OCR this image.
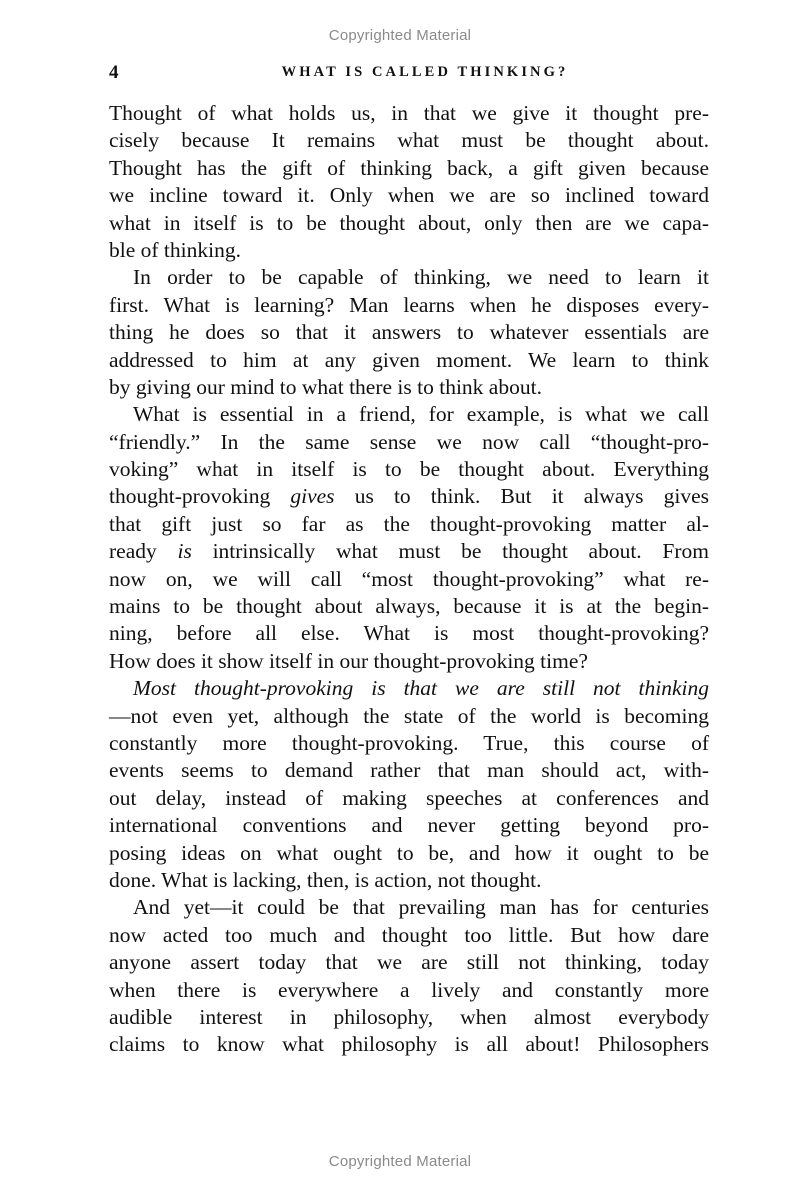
Copyrighted Material
4	WHAT IS CALLED THINKING?
Thought of what holds us, in that we give it thought pre-
cisely because It remains what must be thought about.
Thought has the gift of thinking back, a gift given because
we incline toward it. Only when we are so inclined toward
what in itself is to be thought about, only then are we capa-
ble of thinking.
In order to be capable of thinking, we need to learn it
first. What is learning? Man learns when he disposes every-
thing he does so that it answers to whatever essentials are
addressed to him at any given moment. We learn to think
by giving our mind to what there is to think about.
What is essential in a friend, for example, is what we call
“friendly.” In the same sense we now call “thought-pro-
voking” what in itself is to be thought about. Everything
thought-provoking gives us to think. But it always gives
that gift just so far as the thought-provoking matter al-
ready is intrinsically what must be thought about. From
now on, we will call “most thought-provoking” what re-
mains to be thought about always, because it is at the begin-
ning, before all else. What is most thought-provoking?
How does it show itself in our thought-provoking time?
Most thought-provoking is that we are still not thinking
—not even yet, although the state of the world is becoming
constantly more thought-provoking. True, this course of
events seems to demand rather that man should act, with-
out delay, instead of making speeches at conferences and
international conventions and never getting beyond pro-
posing ideas on what ought to be, and how it ought to be
done. What is lacking, then, is action, not thought.
And yet—it could be that prevailing man has for centuries
now acted too much and thought too little. But how dare
anyone assert today that we are still not thinking, today
when there is everywhere a lively and constantly more
audible interest in philosophy, when almost everybody
claims to know what philosophy is all about! Philosophers
Copyrighted Material
